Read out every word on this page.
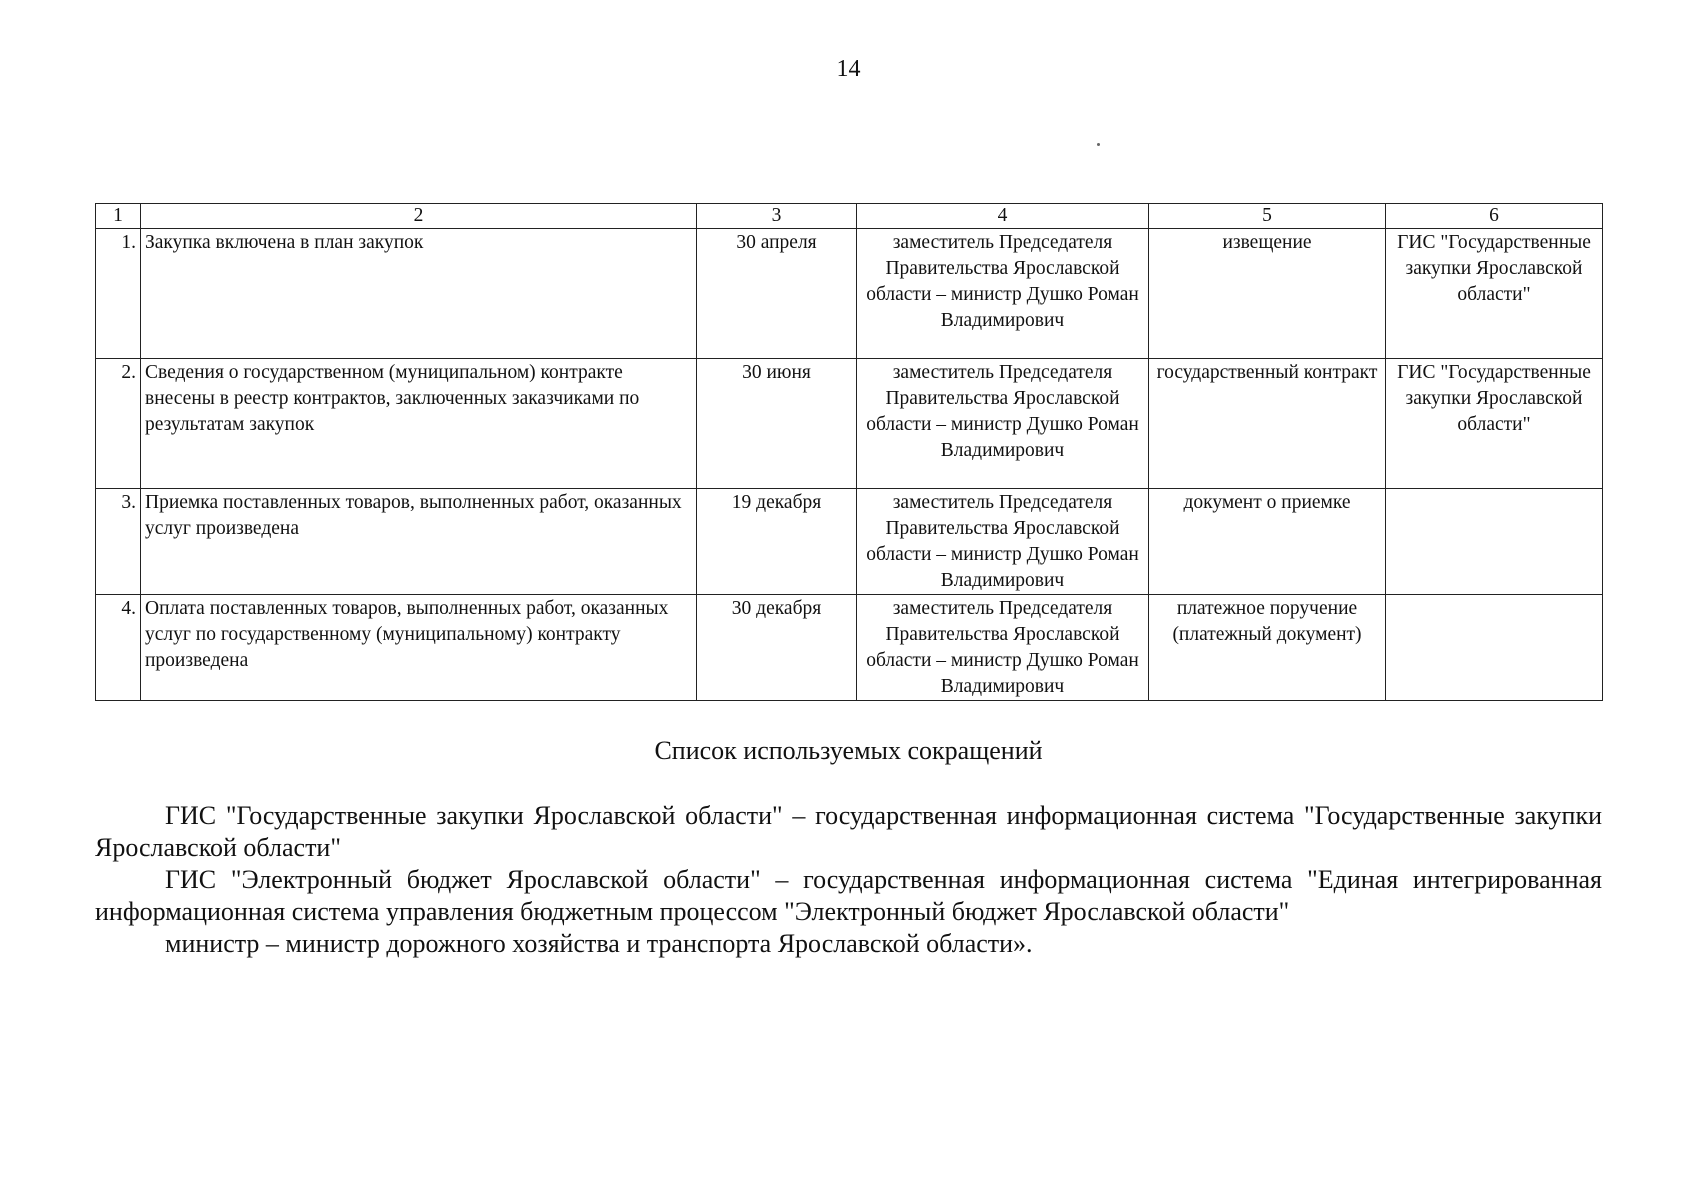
14
1	2	3	4	5	6
1.	Закупка включена в план закупок	30 апреля	заместитель Председателя Правительства Ярославской области – министр Душко Роман Владимирович	извещение	ГИС "Государственные закупки Ярославской области"
2.	Сведения о государственном (муниципальном) контракте внесены в реестр контрактов, заключенных заказчиками по результатам закупок	30 июня	заместитель Председателя Правительства Ярославской области – министр Душко Роман Владимирович	государственный контракт	ГИС "Государственные закупки Ярославской области"
3.	Приемка поставленных товаров, выполненных работ, оказанных услуг произведена	19 декабря	заместитель Председателя Правительства Ярославской области – министр Душко Роман Владимирович	документ о приемке	
4.	Оплата поставленных товаров, выполненных работ, оказанных услуг по государственному (муниципальному) контракту произведена	30 декабря	заместитель Председателя Правительства Ярославской области – министр Душко Роман Владимирович	платежное поручение (платежный документ)	
Список используемых сокращений

ГИС "Государственные закупки Ярославской области" – государственная информационная система "Государственные закупки Ярославской области"

ГИС "Электронный бюджет Ярославской области" – государственная информационная система "Единая интегрированная информационная система управления бюджетным процессом "Электронный бюджет Ярославской области"

министр – министр дорожного хозяйства и транспорта Ярославской области».
